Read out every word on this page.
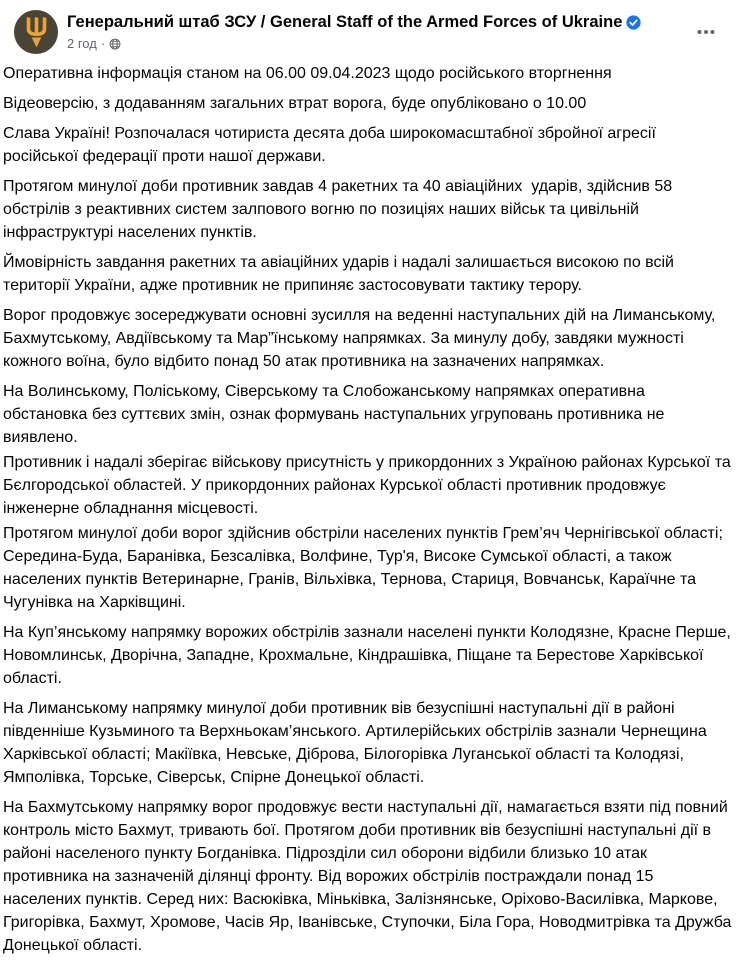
Генеральний штаб ЗСУ / General Staff of the Armed Forces of Ukraine
2 год ·

Оперативна інформація станом на 06.00 09.04.2023 щодо російського вторгнення

Відеоверсію, з додаванням загальних втрат ворога, буде опубліковано о 10.00

Слава Україні! Розпочалася чотириста десята доба широкомасштабної збройної агресії російської федерації проти нашої держави.

Протягом минулої доби противник завдав 4 ракетних та 40 авіаційних  ударів, здійснив 58 обстрілів з реактивних систем залпового вогню по позиціях наших військ та цивільній інфраструктурі населених пунктів.

Ймовірність завдання ракетних та авіаційних ударів і надалі залишається високою по всій території України, адже противник не припиняє застосовувати тактику терору.

Ворог продовжує зосереджувати основні зусилля на веденні наступальних дій на Лиманському, Бахмутському, Авдіївському та Мар”їнському напрямках. За минулу добу, завдяки мужності кожного воїна, було відбито понад 50 атак противника на зазначених напрямках.

На Волинському, Поліському, Сіверському та Слобожанському напрямках оперативна обстановка без суттєвих змін, ознак формувань наступальних угруповань противника не виявлено.

Противник і надалі зберігає військову присутність у прикордонних з Україною районах Курської та Бєлгородської областей. У прикордонних районах Курської області противник продовжує інженерне обладнання місцевості.

Протягом минулої доби ворог здійснив обстріли населених пунктів Грем’яч Чернігівської області; Середина-Буда, Баранівка, Безсалівка, Волфине, Тур'я, Високе Сумської області, а також населених пунктів Ветеринарне, Гранів, Вільхівка, Тернова, Стариця, Вовчанськ, Караїчне та Чугунівка на Харківщині.

На Куп’янському напрямку ворожих обстрілів зазнали населені пункти Колодязне, Красне Перше, Новомлинськ, Дворічна, Западне, Крохмальне, Кіндрашівка, Піщане та Берестове Харківської області.

На Лиманському напрямку минулої доби противник вів безуспішні наступальні дії в районі південніше Кузьминого та Верхньокам’янського. Артилерійських обстрілів зазнали Чернещина Харківської області; Макіївка, Невське, Діброва, Білогорівка Луганської області та Колодязі, Ямполівка, Торське, Сіверськ, Спірне Донецької області.

На Бахмутському напрямку ворог продовжує вести наступальні дії, намагається взяти під повний контроль місто Бахмут, тривають бої. Протягом доби противник вів безуспішні наступальні дії в районі населеного пункту Богданівка. Підрозділи сил оборони відбили близько 10 атак противника на зазначеній ділянці фронту. Від ворожих обстрілів постраждали понад 15 населених пунктів. Серед них: Васюківка, Міньківка, Залізнянське, Оріхово-Василівка, Маркове, Григорівка, Бахмут, Хромове, Часів Яр, Іванівське, Ступочки, Біла Гора, Новодмитрівка та Дружба Донецької області.
